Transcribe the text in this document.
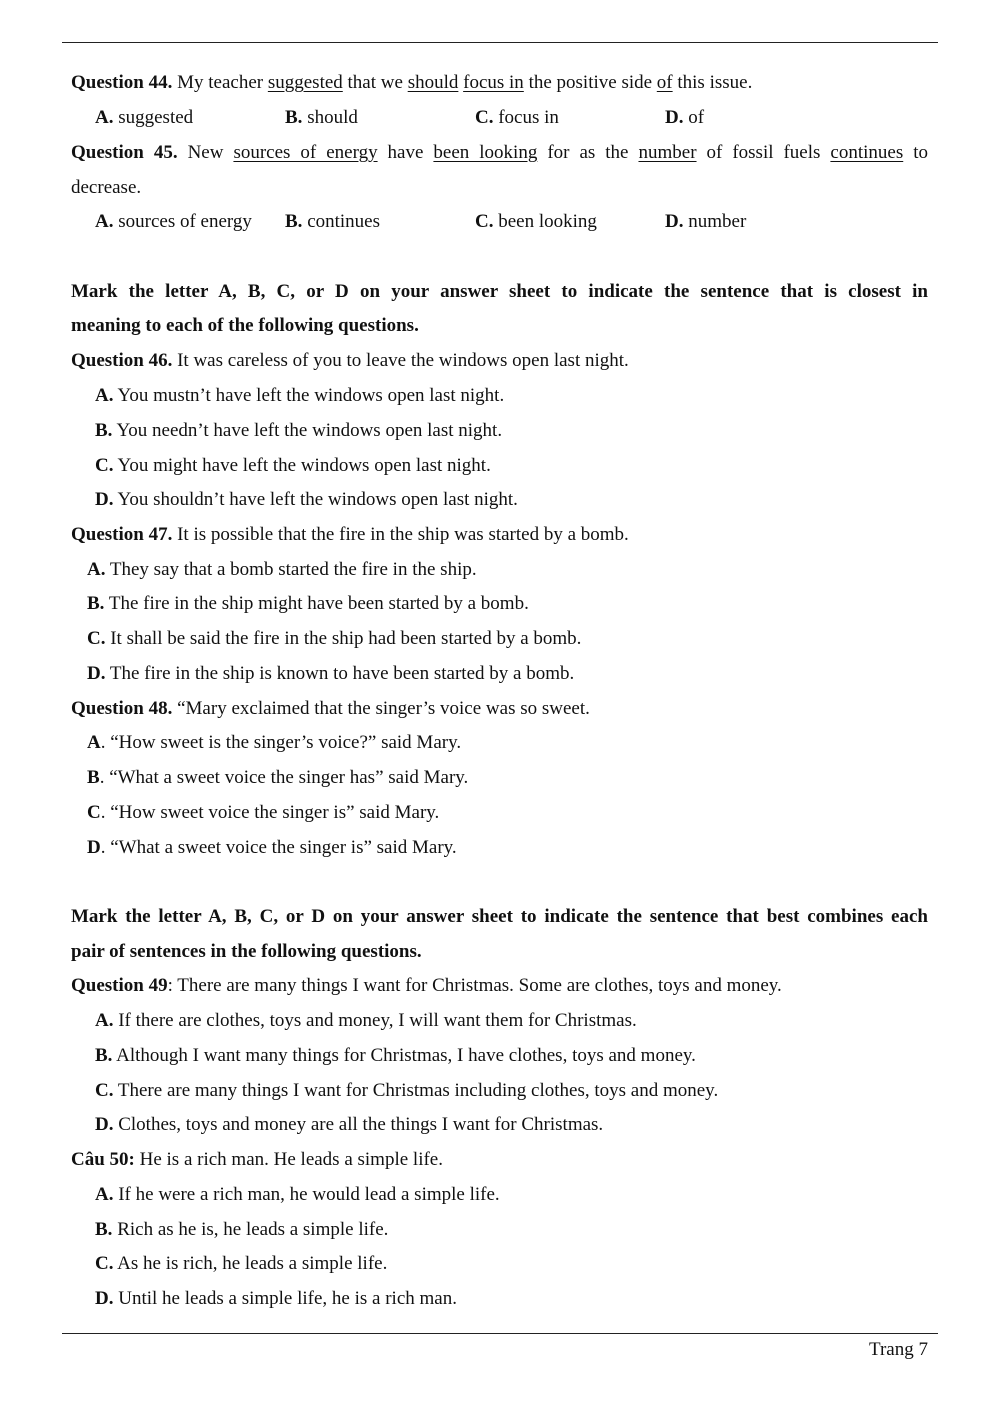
Question 44. My teacher suggested that we should focus in the positive side of this issue.
A. suggested	B. should	C. focus in	D. of
Question 45. New sources of energy have been looking for as the number of fossil fuels continues to
decrease.
A. sources of energy B. continues	C. been looking	D. number
Mark the letter A, B, C, or D on your answer sheet to indicate the sentence that is closest in
meaning to each of the following questions.
Question 46. It was careless of you to leave the windows open last night.
A. You mustn’t have left the windows open last night.
B. You needn’t have left the windows open last night.
C. You might have left the windows open last night.
D. You shouldn’t have left the windows open last night.
Question 47. It is possible that the fire in the ship was started by a bomb.
A. They say that a bomb started the fire in the ship.
B. The fire in the ship might have been started by a bomb.
C. It shall be said the fire in the ship had been started by a bomb.
D. The fire in the ship is known to have been started by a bomb.
Question 48. “Mary exclaimed that the singer’s voice was so sweet.
A. “How sweet is the singer’s voice?” said Mary.
B. “What a sweet voice the singer has” said Mary.
C. “How sweet voice the singer is” said Mary.
D. “What a sweet voice the singer is” said Mary.
Mark the letter A, B, C, or D on your answer sheet to indicate the sentence that best combines each
pair of sentences in the following questions.
Question 49: There are many things I want for Christmas. Some are clothes, toys and money.
A. If there are clothes, toys and money, I will want them for Christmas.
B. Although I want many things for Christmas, I have clothes, toys and money.
C. There are many things I want for Christmas including clothes, toys and money.
D. Clothes, toys and money are all the things I want for Christmas.
Câu 50: He is a rich man. He leads a simple life.
A. If he were a rich man, he would lead a simple life.
B. Rich as he is, he leads a simple life.
C. As he is rich, he leads a simple life.
D. Until he leads a simple life, he is a rich man.
Trang 7
